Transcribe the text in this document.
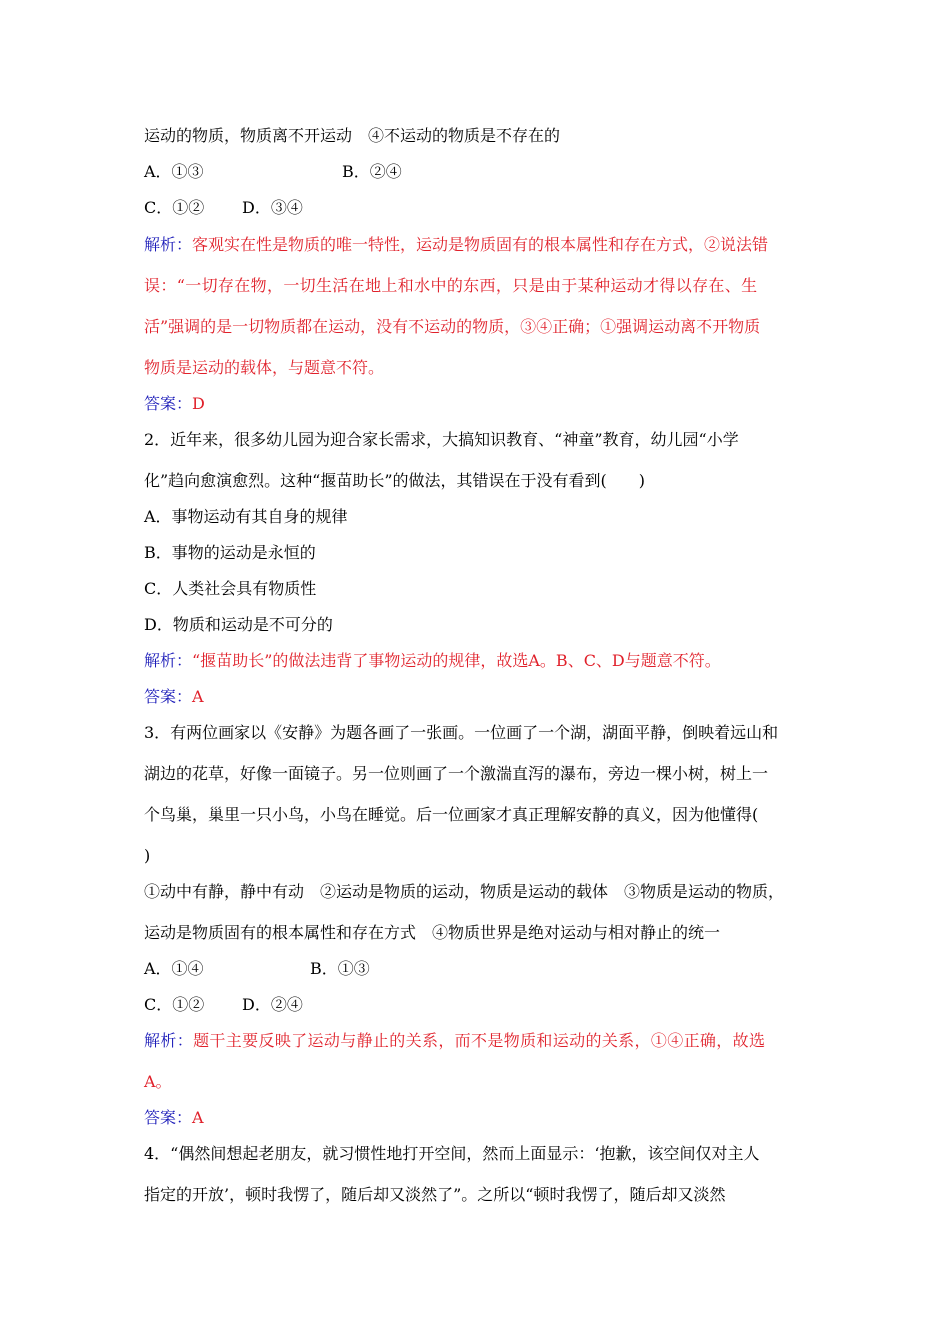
运动的物质，物质离不开运动　④不运动的物质是不存在的
A．①③	B．②④
C．①② D．③④
解析：客观实在性是物质的唯一特性，运动是物质固有的根本属性和存在方式，②说法错
误：“一切存在物，一切生活在地上和水中的东西，只是由于某种运动才得以存在、生
活”强调的是一切物质都在运动，没有不运动的物质，③④正确；①强调运动离不开物质
物质是运动的载体，与题意不符。
答案：D
2．近年来，很多幼儿园为迎合家长需求，大搞知识教育、“神童”教育，幼儿园“小学
化”趋向愈演愈烈。这种“揠苗助长”的做法，其错误在于没有看到(　　)
A．事物运动有其自身的规律
B．事物的运动是永恒的
C．人类社会具有物质性
D．物质和运动是不可分的
解析：“揠苗助长”的做法违背了事物运动的规律，故选A。B、C、D与题意不符。
答案：A
3．有两位画家以《安静》为题各画了一张画。一位画了一个湖，湖面平静，倒映着远山和
湖边的花草，好像一面镜子。另一位则画了一个激湍直泻的瀑布，旁边一棵小树，树上一
个鸟巢，巢里一只小鸟，小鸟在睡觉。后一位画家才真正理解安静的真义，因为他懂得(
)
①动中有静，静中有动　②运动是物质的运动，物质是运动的载体　③物质是运动的物质，
运动是物质固有的根本属性和存在方式　④物质世界是绝对运动与相对静止的统一
A．①④	B．①③
C．①② D．②④
解析：题干主要反映了运动与静止的关系，而不是物质和运动的关系，①④正确，故选
A。
答案：A
4．“偶然间想起老朋友，就习惯性地打开空间，然而上面显示：‘抱歉，该空间仅对主人
指定的开放’，顿时我愣了，随后却又淡然了”。之所以“顿时我愣了，随后却又淡然
